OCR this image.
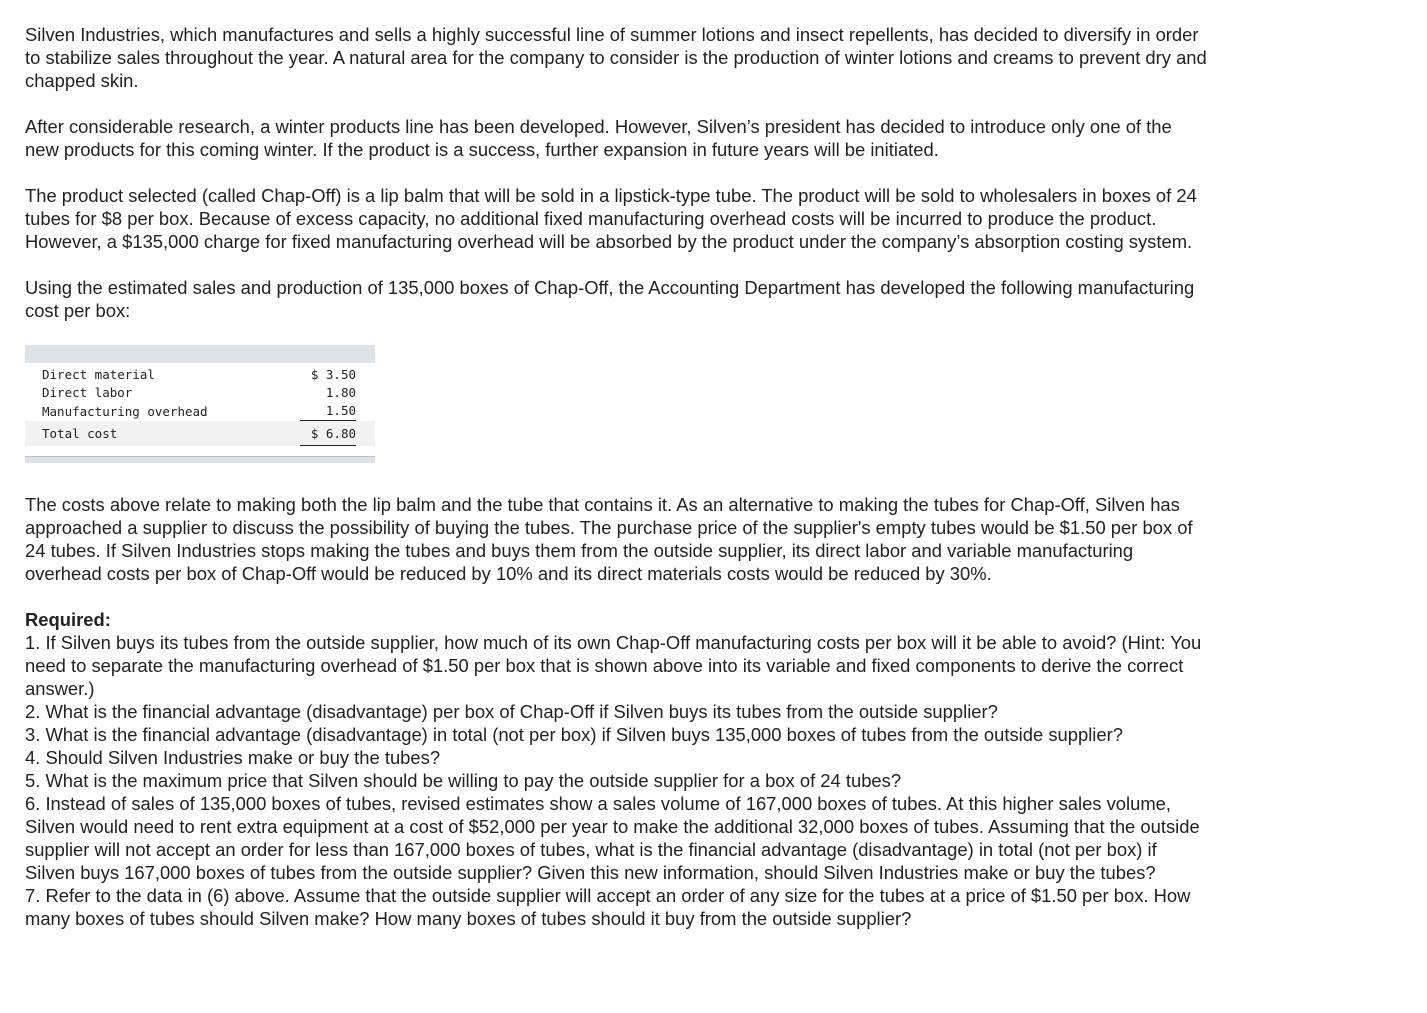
Silven Industries, which manufactures and sells a highly successful line of summer lotions and insect repellents, has decided to diversify in order to stabilize sales throughout the year. A natural area for the company to consider is the production of winter lotions and creams to prevent dry and chapped skin.

After considerable research, a winter products line has been developed. However, Silven’s president has decided to introduce only one of the new products for this coming winter. If the product is a success, further expansion in future years will be initiated.

The product selected (called Chap-Off) is a lip balm that will be sold in a lipstick-type tube. The product will be sold to wholesalers in boxes of 24 tubes for $8 per box. Because of excess capacity, no additional fixed manufacturing overhead costs will be incurred to produce the product. However, a $135,000 charge for fixed manufacturing overhead will be absorbed by the product under the company’s absorption costing system.

Using the estimated sales and production of 135,000 boxes of Chap-Off, the Accounting Department has developed the following manufacturing cost per box:

Direct material	$ 3.50
Direct labor	1.80
Manufacturing overhead	1.50
Total cost	$ 6.80

The costs above relate to making both the lip balm and the tube that contains it. As an alternative to making the tubes for Chap-Off, Silven has approached a supplier to discuss the possibility of buying the tubes. The purchase price of the supplier's empty tubes would be $1.50 per box of 24 tubes. If Silven Industries stops making the tubes and buys them from the outside supplier, its direct labor and variable manufacturing overhead costs per box of Chap-Off would be reduced by 10% and its direct materials costs would be reduced by 30%.

Required:

1. If Silven buys its tubes from the outside supplier, how much of its own Chap-Off manufacturing costs per box will it be able to avoid? (Hint: You need to separate the manufacturing overhead of $1.50 per box that is shown above into its variable and fixed components to derive the correct answer.)

2. What is the financial advantage (disadvantage) per box of Chap-Off if Silven buys its tubes from the outside supplier?

3. What is the financial advantage (disadvantage) in total (not per box) if Silven buys 135,000 boxes of tubes from the outside supplier?

4. Should Silven Industries make or buy the tubes?

5. What is the maximum price that Silven should be willing to pay the outside supplier for a box of 24 tubes?

6. Instead of sales of 135,000 boxes of tubes, revised estimates show a sales volume of 167,000 boxes of tubes. At this higher sales volume, Silven would need to rent extra equipment at a cost of $52,000 per year to make the additional 32,000 boxes of tubes. Assuming that the outside supplier will not accept an order for less than 167,000 boxes of tubes, what is the financial advantage (disadvantage) in total (not per box) if Silven buys 167,000 boxes of tubes from the outside supplier? Given this new information, should Silven Industries make or buy the tubes?

7. Refer to the data in (6) above. Assume that the outside supplier will accept an order of any size for the tubes at a price of $1.50 per box. How many boxes of tubes should Silven make? How many boxes of tubes should it buy from the outside supplier?
